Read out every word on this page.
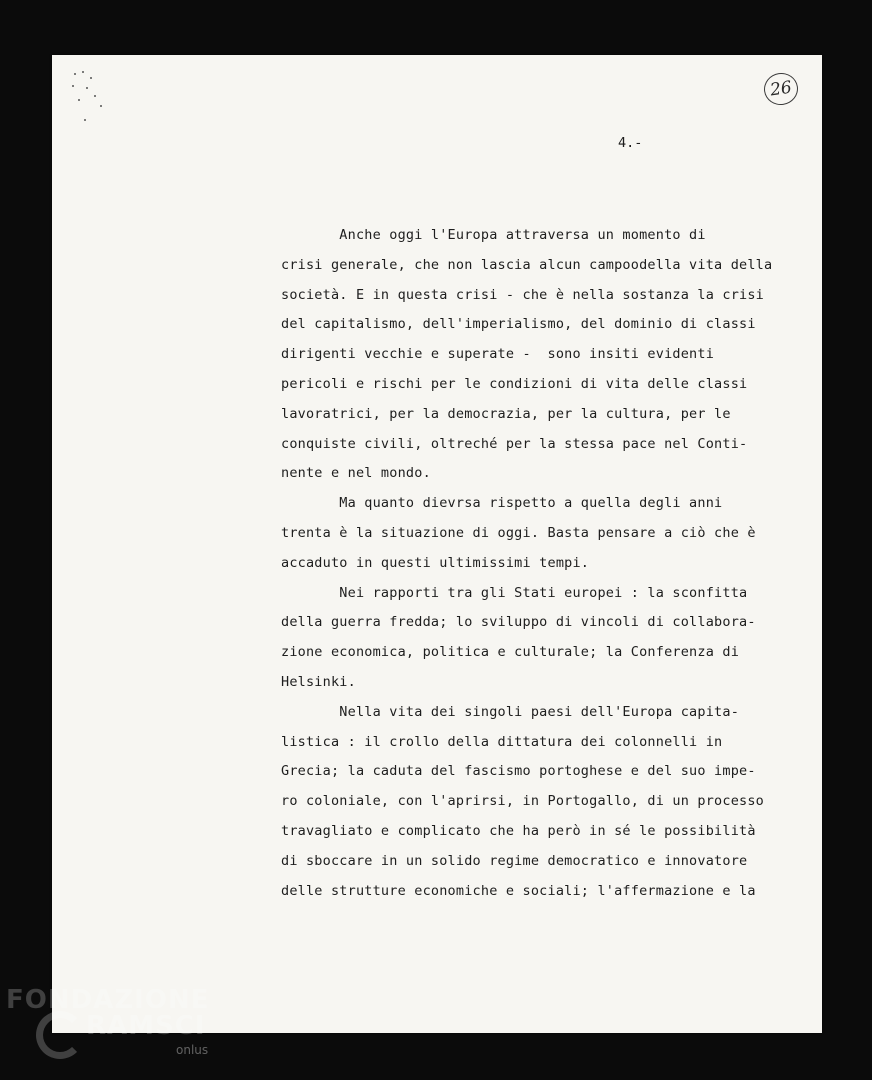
26
4.-
Anche oggi l'Europa attraversa un momento di
crisi generale, che non lascia alcun campoodella vita della
società. E in questa crisi - che è nella sostanza la crisi
del capitalismo, dell'imperialismo, del dominio di classi
dirigenti vecchie e superate -  sono insiti evidenti
pericoli e rischi per le condizioni di vita delle classi
lavoratrici, per la democrazia, per la cultura, per le
conquiste civili, oltreché per la stessa pace nel Conti-
nente e nel mondo.
Ma quanto dievrsa rispetto a quella degli anni
trenta è la situazione di oggi. Basta pensare a ciò che è
accaduto in questi ultimissimi tempi.
Nei rapporti tra gli Stati europei : la sconfitta
della guerra fredda; lo sviluppo di vincoli di collabora-
zione economica, politica e culturale; la Conferenza di
Helsinki.
Nella vita dei singoli paesi dell'Europa capita-
listica : il crollo della dittatura dei colonnelli in
Grecia; la caduta del fascismo portoghese e del suo impe-
ro coloniale, con l'aprirsi, in Portogallo, di un processo
travagliato e complicato che ha però in sé le possibilità
di sboccare in un solido regime democratico e innovatore
delle strutture economiche e sociali; l'affermazione e la
FONDAZIONE
RAMSCI
onlus
